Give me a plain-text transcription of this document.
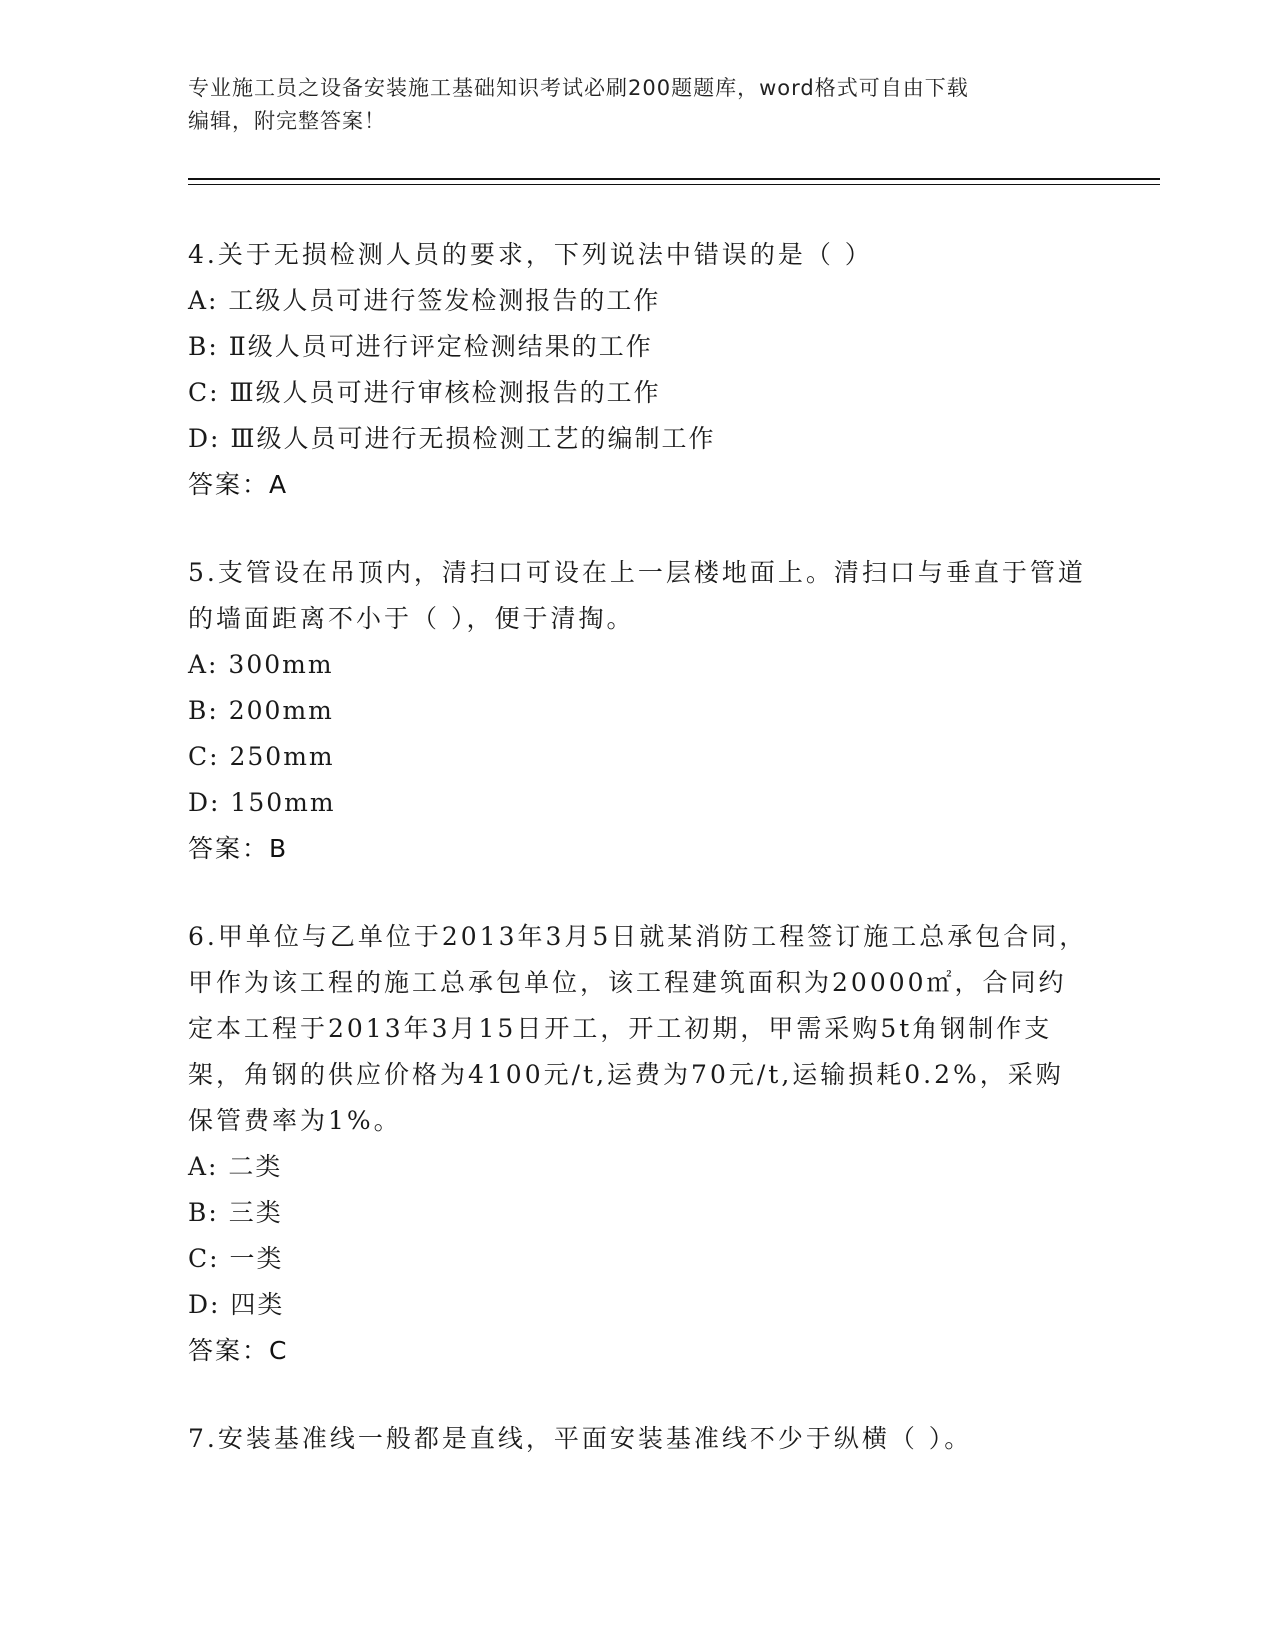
专业施工员之设备安装施工基础知识考试必刷200题题库，word格式可自由下载
编辑，附完整答案！
4.关于无损检测人员的要求，下列说法中错误的是（ ）
A: 工级人员可进行签发检测报告的工作
B: Ⅱ级人员可进行评定检测结果的工作
C: Ⅲ级人员可进行审核检测报告的工作
D: Ⅲ级人员可进行无损检测工艺的编制工作
答案：A
5.支管设在吊顶内，清扫口可设在上一层楼地面上。清扫口与垂直于管道的墙面距离不小于（ ），便于清掏。
A: 300mm
B: 200mm
C: 250mm
D: 150mm
答案：B
6.甲单位与乙单位于2013年3月5日就某消防工程签订施工总承包合同，甲作为该工程的施工总承包单位，该工程建筑面积为20000㎡，合同约定本工程于2013年3月15日开工，开工初期，甲需采购5t角钢制作支架，角钢的供应价格为4100元/t,运费为70元/t,运输损耗0.2%，采购保管费率为1%。
A: 二类
B: 三类
C: 一类
D: 四类
答案：C
7.安装基准线一般都是直线，平面安装基准线不少于纵横（ ）。
